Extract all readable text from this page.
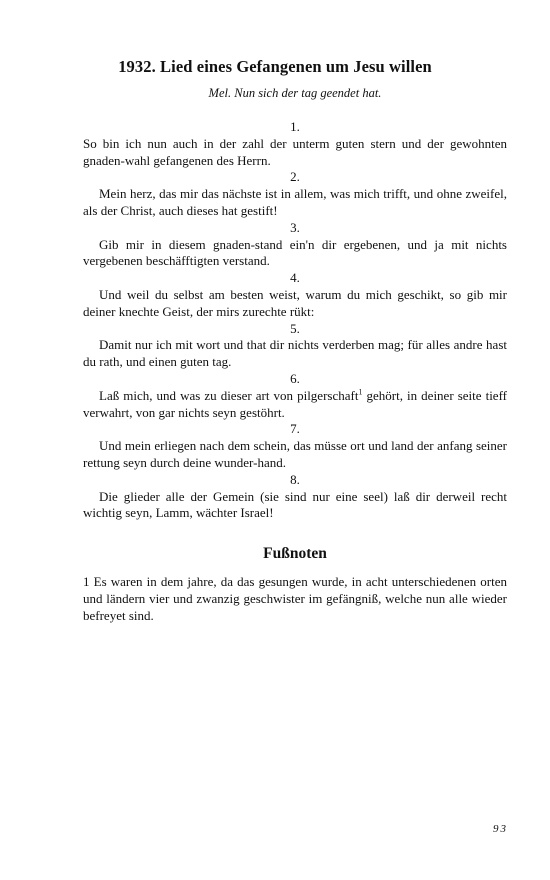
1932. Lied eines Gefangenen um Jesu willen
Mel. Nun sich der tag geendet hat.
1.

So bin ich nun auch in der zahl der unterm guten stern und der gewohnten gnaden-wahl gefangenen des Herrn.

2.

Mein herz, das mir das nächste ist in allem, was mich trifft, und ohne zweifel, als der Christ, auch dieses hat gestift!

3.

Gib mir in diesem gnaden-stand ein'n dir ergebenen, und ja mit nichts vergebenen beschäfftigten verstand.

4.

Und weil du selbst am besten weist, warum du mich geschikt, so gib mir deiner knechte Geist, der mirs zurechte rükt:

5.

Damit nur ich mit wort und that dir nichts verderben mag; für alles andre hast du rath, und einen guten tag.

6.

Laß mich, und was zu dieser art von pilgerschaft$^1$ gehört, in deiner seite tieff verwahrt, von gar nichts seyn gestöhrt.

7.

Und mein erliegen nach dem schein, das müsse ort und land der anfang seiner rettung seyn durch deine wunder-hand.

8.

Die glieder alle der Gemein (sie sind nur eine seel) laß dir derweil recht wichtig seyn, Lamm, wächter Israel!

Fußnoten

1 Es waren in dem jahre, da das gesungen wurde, in acht unterschiedenen orten und ländern vier und zwanzig geschwister im gefängniß, welche nun alle wieder befreyet sind.

93
